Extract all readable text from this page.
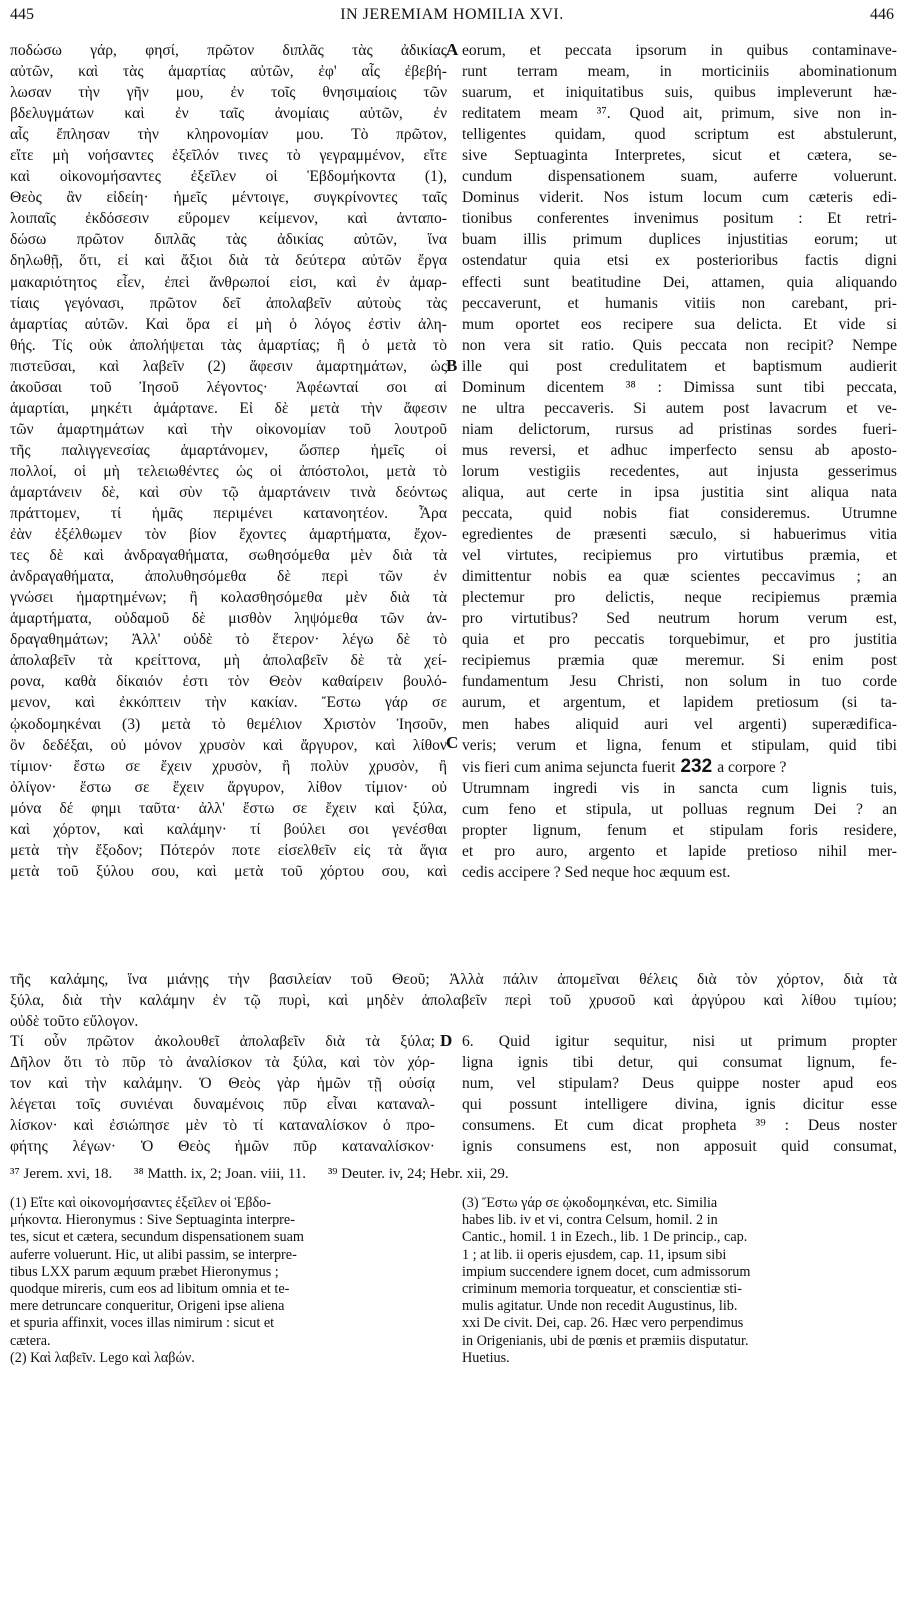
445	IN JEREMIAM HOMILIA XVI.	446
ποδώσω γάρ, φησί, πρῶτον διπλᾶς τὰς ἀδικίας
αὐτῶν, καὶ τὰς ἁμαρτίας αὐτῶν, ἐφ' αἷς ἐβεβή-
λωσαν τὴν γῆν μου, ἐν τοῖς θνησιμαίοις τῶν
βδελυγμάτων καὶ ἐν ταῖς ἀνομίαις αὐτῶν, ἐν
αἷς ἔπλησαν τὴν κληρονομίαν μου. Τὸ πρῶτον,
εἴτε μὴ νοήσαντες ἐξεῖλόν τινες τὸ γεγραμμένον, εἴτε
καὶ οἰκονομήσαντες ἐξεῖλεν οἱ Ἑβδομήκοντα (1),
Θεὸς ἂν εἰδείη· ἡμεῖς μέντοιγε, συγκρίνοντες ταῖς
λοιπαῖς ἐκδόσεσιν εὕρομεν κείμενον, καὶ ἀνταπο-
δώσω πρῶτον διπλᾶς τὰς ἀδικίας αὐτῶν, ἵνα
δηλωθῇ, ὅτι, εἰ καὶ ἄξιοι διὰ τὰ δεύτερα αὐτῶν ἔργα
μακαριότητος εἶεν, ἐπεὶ ἄνθρωποί εἰσι, καὶ ἐν ἁμαρ-
τίαις γεγόνασι, πρῶτον δεῖ ἀπολαβεῖν αὐτοὺς τὰς
ἁμαρτίας αὐτῶν. Καὶ ὅρα εἰ μὴ ὁ λόγος ἐστὶν ἀλη-
θής. Τίς οὐκ ἀπολήψεται τὰς ἁμαρτίας; ἢ ὁ μετὰ τὸ
πιστεῦσαι, καὶ λαβεῖν (2) ἄφεσιν ἁμαρτημάτων, ὡς
ἀκοῦσαι τοῦ Ἰησοῦ λέγοντος· Ἀφέωνταί σοι αἱ
ἁμαρτίαι, μηκέτι ἁμάρτανε. Εἰ δὲ μετὰ τὴν ἄφεσιν
τῶν ἁμαρτημάτων καὶ τὴν οἰκονομίαν τοῦ λουτροῦ
τῆς παλιγγενεσίας ἁμαρτάνομεν, ὥσπερ ἡμεῖς οἱ
πολλοί, οἱ μὴ τελειωθέντες ὡς οἱ ἀπόστολοι, μετὰ τὸ
ἁμαρτάνειν δὲ, καὶ σὺν τῷ ἁμαρτάνειν τινὰ δεόντως
πράττομεν, τί ἡμᾶς περιμένει κατανοητέον. Ἆρα
ἐὰν ἐξέλθωμεν τὸν βίον ἔχοντες ἁμαρτήματα, ἔχον-
τες δὲ καὶ ἀνδραγαθήματα, σωθησόμεθα μὲν διὰ τὰ
ἀνδραγαθήματα, ἀπολυθησόμεθα δὲ περὶ τῶν ἐν
γνώσει ἡμαρτημένων; ἢ κολασθησόμεθα μὲν διὰ τὰ
ἁμαρτήματα, οὐδαμοῦ δὲ μισθὸν ληψόμεθα τῶν ἀν-
δραγαθημάτων; Ἀλλ' οὐδὲ τὸ ἕτερον· λέγω δὲ τὸ
ἀπολαβεῖν τὰ κρείττονα, μὴ ἀπολαβεῖν δὲ τὰ χεί-
ρονα, καθὰ δίκαιόν ἐστι τὸν Θεὸν καθαίρειν βουλό-
μενον, καὶ ἐκκόπτειν τὴν κακίαν. Ἔστω γάρ σε
ᾠκοδομηκέναι (3) μετὰ τὸ θεμέλιον Χριστὸν Ἰησοῦν,
ὃν δεδέξαι, οὐ μόνον χρυσὸν καὶ ἄργυρον, καὶ λίθον
τίμιον· ἔστω σε ἔχειν χρυσὸν, ἢ πολὺν χρυσὸν, ἢ
ὀλίγον· ἔστω σε ἔχειν ἄργυρον, λίθον τίμιον· οὐ
μόνα δέ φημι ταῦτα· ἀλλ' ἔστω σε ἔχειν καὶ ξύλα,
καὶ χόρτον, καὶ καλάμην· τί βούλει σοι γενέσθαι
μετὰ τὴν ἔξοδον; Πότερόν ποτε εἰσελθεῖν εἰς τὰ ἅγια
μετὰ τοῦ ξύλου σου, καὶ μετὰ τοῦ χόρτου σου, καὶ
eorum, et peccata ipsorum in quibus contaminave-
runt terram meam, in morticiniis abominationum
suarum, et iniquitatibus suis, quibus impleverunt hæ-
reditatem meam ³⁷. Quod ait, primum, sive non in-
telligentes quidam, quod scriptum est abstulerunt,
sive Septuaginta Interpretes, sicut et cætera, se-
cundum dispensationem suam, auferre voluerunt.
Dominus viderit. Nos istum locum cum cæteris edi-
tionibus conferentes invenimus positum : Et retri-
buam illis primum duplices injustitias eorum; ut
ostendatur quia etsi ex posterioribus factis digni
effecti sunt beatitudine Dei, attamen, quia aliquando
peccaverunt, et humanis vitiis non carebant, pri-
mum oportet eos recipere sua delicta. Et vide si
non vera sit ratio. Quis peccata non recipit? Nempe
ille qui post credulitatem et baptismum audierit
Dominum dicentem ³⁸ : Dimissa sunt tibi peccata,
ne ultra peccaveris. Si autem post lavacrum et ve-
niam delictorum, rursus ad pristinas sordes fueri-
mus reversi, et adhuc imperfecto sensu ab aposto-
lorum vestigiis recedentes, aut injusta gesserimus
aliqua, aut certe in ipsa justitia sint aliqua nata
peccata, quid nobis fiat consideremus. Utrumne
egredientes de præsenti sæculo, si habuerimus vitia
vel virtutes, recipiemus pro virtutibus præmia, et
dimittentur nobis ea quæ scientes peccavimus ; an
plectemur pro delictis, neque recipiemus præmia
pro virtutibus? Sed neutrum horum verum est,
quia et pro peccatis torquebimur, et pro justitia
recipiemus præmia quæ meremur. Si enim post
fundamentum Jesu Christi, non solum in tuo corde
aurum, et argentum, et lapidem pretiosum (si ta-
men habes aliquid auri vel argenti) superædifica-
veris; verum et ligna, fenum et stipulam, quid tibi
vis fieri cum anima sejuncta fuerit 232 a corpore ?
Utrumnam ingredi vis in sancta cum lignis tuis,
cum feno et stipula, ut polluas regnum Dei ? an
propter lignum, fenum et stipulam foris residere,
et pro auro, argento et lapide pretioso nihil mer-
cedis accipere ? Sed neque hoc æquum est.
A
B
C
D
τῆς καλάμης, ἵνα μιάνῃς τὴν βασιλείαν τοῦ Θεοῦ; Ἀλλὰ πάλιν ἀπομεῖναι θέλεις διὰ τὸν χόρτον, διὰ τὰ
ξύλα, διὰ τὴν καλάμην ἐν τῷ πυρὶ, καὶ μηδὲν ἀπολαβεῖν περὶ τοῦ χρυσοῦ καὶ ἀργύρου καὶ λίθου τιμίου;
οὐδὲ τοῦτο εὔλογον.
Τί οὖν πρῶτον ἀκολουθεῖ ἀπολαβεῖν διὰ τὰ ξύλα;
Δῆλον ὅτι τὸ πῦρ τὸ ἀναλίσκον τὰ ξύλα, καὶ τὸν χόρ-
τον καὶ τὴν καλάμην. Ὁ Θεὸς γὰρ ἡμῶν τῇ οὐσίᾳ
λέγεται τοῖς συνιέναι δυναμένοις πῦρ εἶναι καταναλ-
λίσκον· καὶ ἐσιώπησε μὲν τὸ τί καταναλίσκον ὁ προ-
φήτης λέγων· Ὁ Θεὸς ἡμῶν πῦρ καταναλίσκον·
6. Quid igitur sequitur, nisi ut primum propter
ligna ignis tibi detur, qui consumat lignum, fe-
num, vel stipulam? Deus quippe noster apud eos
qui possunt intelligere divina, ignis dicitur esse
consumens. Et cum dicat propheta ³⁹ : Deus noster
ignis consumens est, non apposuit quid consumat,
³⁷ Jerem. xvi, 18. ³⁸ Matth. ix, 2; Joan. viii, 11. ³⁹ Deuter. iv, 24; Hebr. xii, 29.
(1) Εἴτε καὶ οἰκονομήσαντες ἐξεῖλεν οἱ Ἑβδο-
μήκοντα. Hieronymus : Sive Septuaginta interpre-
tes, sicut et cætera, secundum dispensationem suam
auferre voluerunt. Hic, ut alibi passim, se interpre-
tibus LXX parum æquum præbet Hieronymus ;
quodque mireris, cum eos ad libitum omnia et te-
mere detruncare conqueritur, Origeni ipse aliena
et spuria affinxit, voces illas nimirum : sicut et
cætera.
(2) Καὶ λαβεῖν. Lego καὶ λαβών.
(3) Ἔστω γάρ σε ᾠκοδομηκέναι, etc. Similia
habes lib. iv et vi, contra Celsum, homil. 2 in
Cantic., homil. 1 in Ezech., lib. 1 De princip., cap.
1 ; at lib. ii operis ejusdem, cap. 11, ipsum sibi
impium succendere ignem docet, cum admissorum
criminum memoria torqueatur, et conscientiæ sti-
mulis agitatur. Unde non recedit Augustinus, lib.
xxi De civit. Dei, cap. 26. Hæc vero perpendimus
in Origenianis, ubi de pœnis et præmiis disputatur.
Huetius.
